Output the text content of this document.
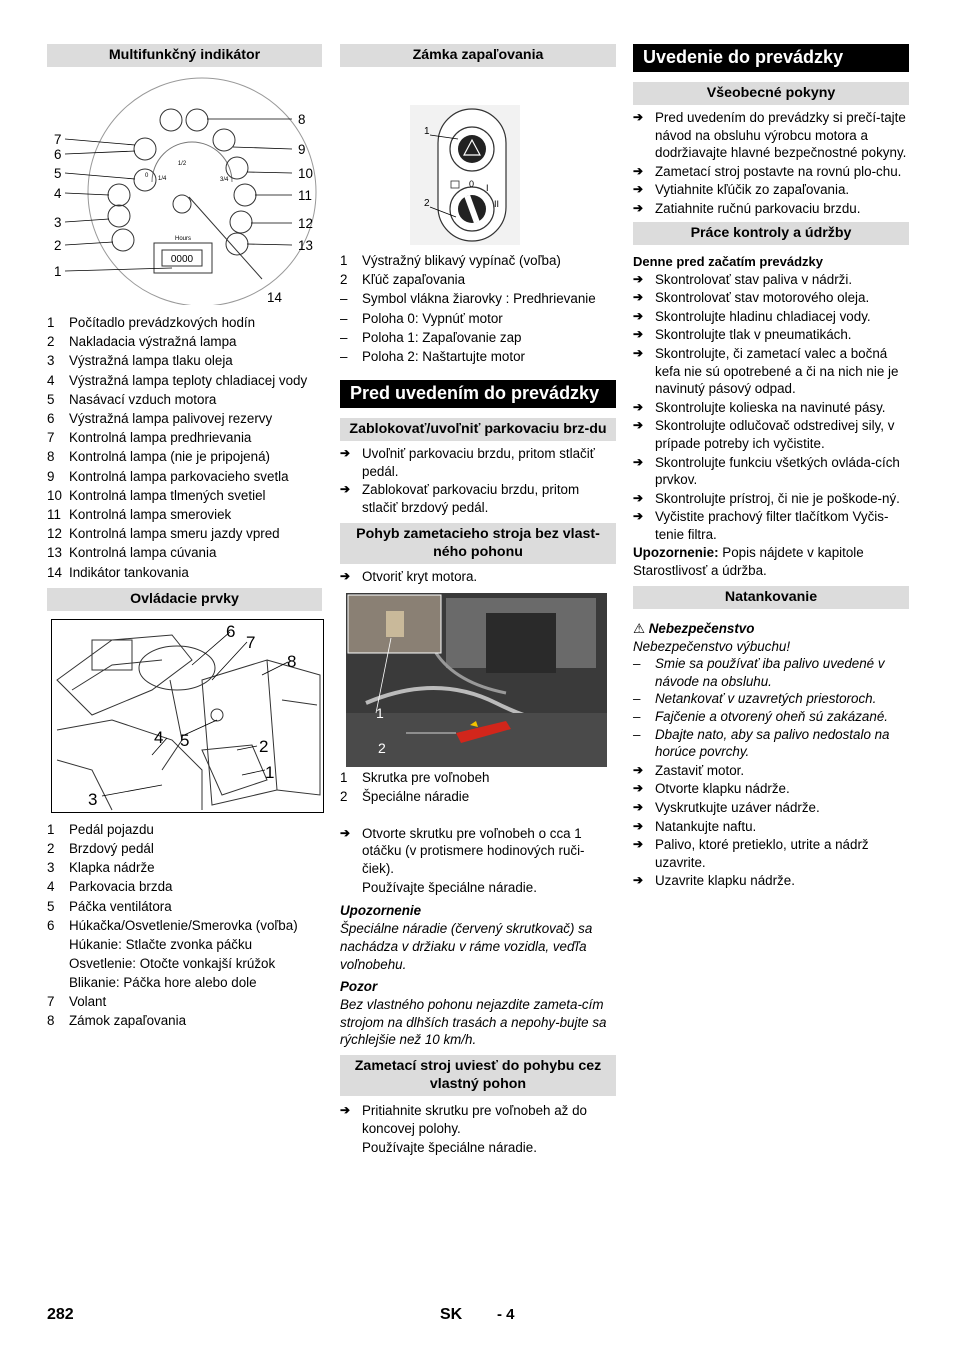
Multifunkčný indikátor
0000
Hours
1/2
3/4
1/4
0
7
6
5
4
3
2
1
8
9
10
11
12
13
14
1	Počítadlo prevádzkových hodín
2	Nakladacia výstražná lampa
3	Výstražná lampa tlaku oleja
4	Výstražná lampa teploty chladiacej vody
5	Nasávací vzduch motora
6	Výstražná lampa palivovej rezervy
7	Kontrolná lampa predhrievania
8	Kontrolná lampa (nie je pripojená)
9	Kontrolná lampa parkovacieho svetla
10 Kontrolná lampa tlmených svetiel
11 Kontrolná lampa smeroviek
12 Kontrolná lampa smeru jazdy vpred
13 Kontrolná lampa cúvania
14 Indikátor tankovania
Ovládacie prvky
6
7
8
4 5	2
1
3
1	Pedál pojazdu
2	Brzdový pedál
3	Klapka nádrže
4	Parkovacia brzda
5	Páčka ventilátora
6	Húkačka/Osvetlenie/Smerovka (voľba)
Húkanie: Stlačte zvonka páčku
Osvetlenie: Otočte vonkajší krúžok
Blikanie: Páčka hore alebo dole
7	Volant
8	Zámok zapaľovania
Zámka zapaľovania
1
2
0 I
II
1	Výstražný blikavý vypínač (voľba)
2	Kľúč zapaľovania
–	Symbol vlákna žiarovky : Predhrievanie
–	Poloha 0: Vypnúť motor
–	Poloha 1: Zapaľovanie zap
–	Poloha 2: Naštartujte motor
Pred uvedením do prevádzky
Zablokovať/uvoľniť parkovaciu brz-du
➔ Uvoľniť parkovaciu brzdu, pritom stlačiť pedál.
➔ Zablokovať parkovaciu brzdu, pritom stlačiť brzdový pedál.
Pohyb zametacieho stroja bez vlast-ného pohonu
➔ Otvoriť kryt motora.
1
2
1	Skrutka pre voľnobeh
2	Špeciálne náradie
➔ Otvorte skrutku pre voľnobeh o cca 1 otáčku (v protismere hodinových ruči-čiek).
Používajte špeciálne náradie.
Upozornenie
Špeciálne náradie (červený skrutkovač) sa nachádza v držiaku v ráme vozidla, veďľa voľnobehu.
Pozor
Bez vlastného pohonu nejazdite zameta-cím strojom na dlhších trasách a nepohy-bujte sa rýchlejšie než 10 km/h.
Zametací stroj uviesť do pohybu cez vlastný pohon
➔ Pritiahnite skrutku pre voľnobeh až do koncovej polohy.
Používajte špeciálne náradie.
Uvedenie do prevádzky
Všeobecné pokyny
➔ Pred uvedením do prevádzky si prečí-tajte návod na obsluhu výrobcu motora a dodržiavajte hlavné bezpečnostné pokyny.
➔ Zametací stroj postavte na rovnú plo-chu.
➔ Vytiahnite kľúčik zo zapaľovania.
➔ Zatiahnite ručnú parkovaciu brzdu.
Práce kontroly a údržby
Denne pred začatím prevádzky
➔ Skontrolovať stav paliva v nádrži.
➔ Skontrolovať stav motorového oleja.
➔ Skontrolujte hladinu chladiacej vody.
➔ Skontrolujte tlak v pneumatikách.
➔ Skontrolujte, či zametací valec a bočná kefa nie sú opotrebené a či na nich nie je navinutý pásový odpad.
➔ Skontrolujte kolieska na navinuté pásy.
➔ Skontrolujte odlučovač odstredivej sily, v prípade potreby ich vyčistite.
➔ Skontrolujte funkciu všetkých ovláda-cích prvkov.
➔ Skontrolujte prístroj, či nie je poškode-ný.
➔ Vyčistite prachový filter tlačítkom Vyčis-tenie filtra.
Upozornenie: Popis nájdete v kapitole Starostlivosť a údržba.
Natankovanie
⚠ Nebezpečenstvo
Nebezpečenstvo výbuchu!
–	Smie sa používať iba palivo uvedené v návode na obsluhu.
–	Netankovať v uzavretých priestoroch.
–	Fajčenie a otvorený oheň sú zakázané.
–	Dbajte nato, aby sa palivo nedostalo na horúce povrchy.
➔ Zastaviť motor.
➔ Otvorte klapku nádrže.
➔ Vyskrutkujte uzáver nádrže.
➔ Natankujte naftu.
➔ Palivo, ktoré pretieklo, utrite a nádrž uzavrite.
➔ Uzavrite klapku nádrže.
282	SK - 4
